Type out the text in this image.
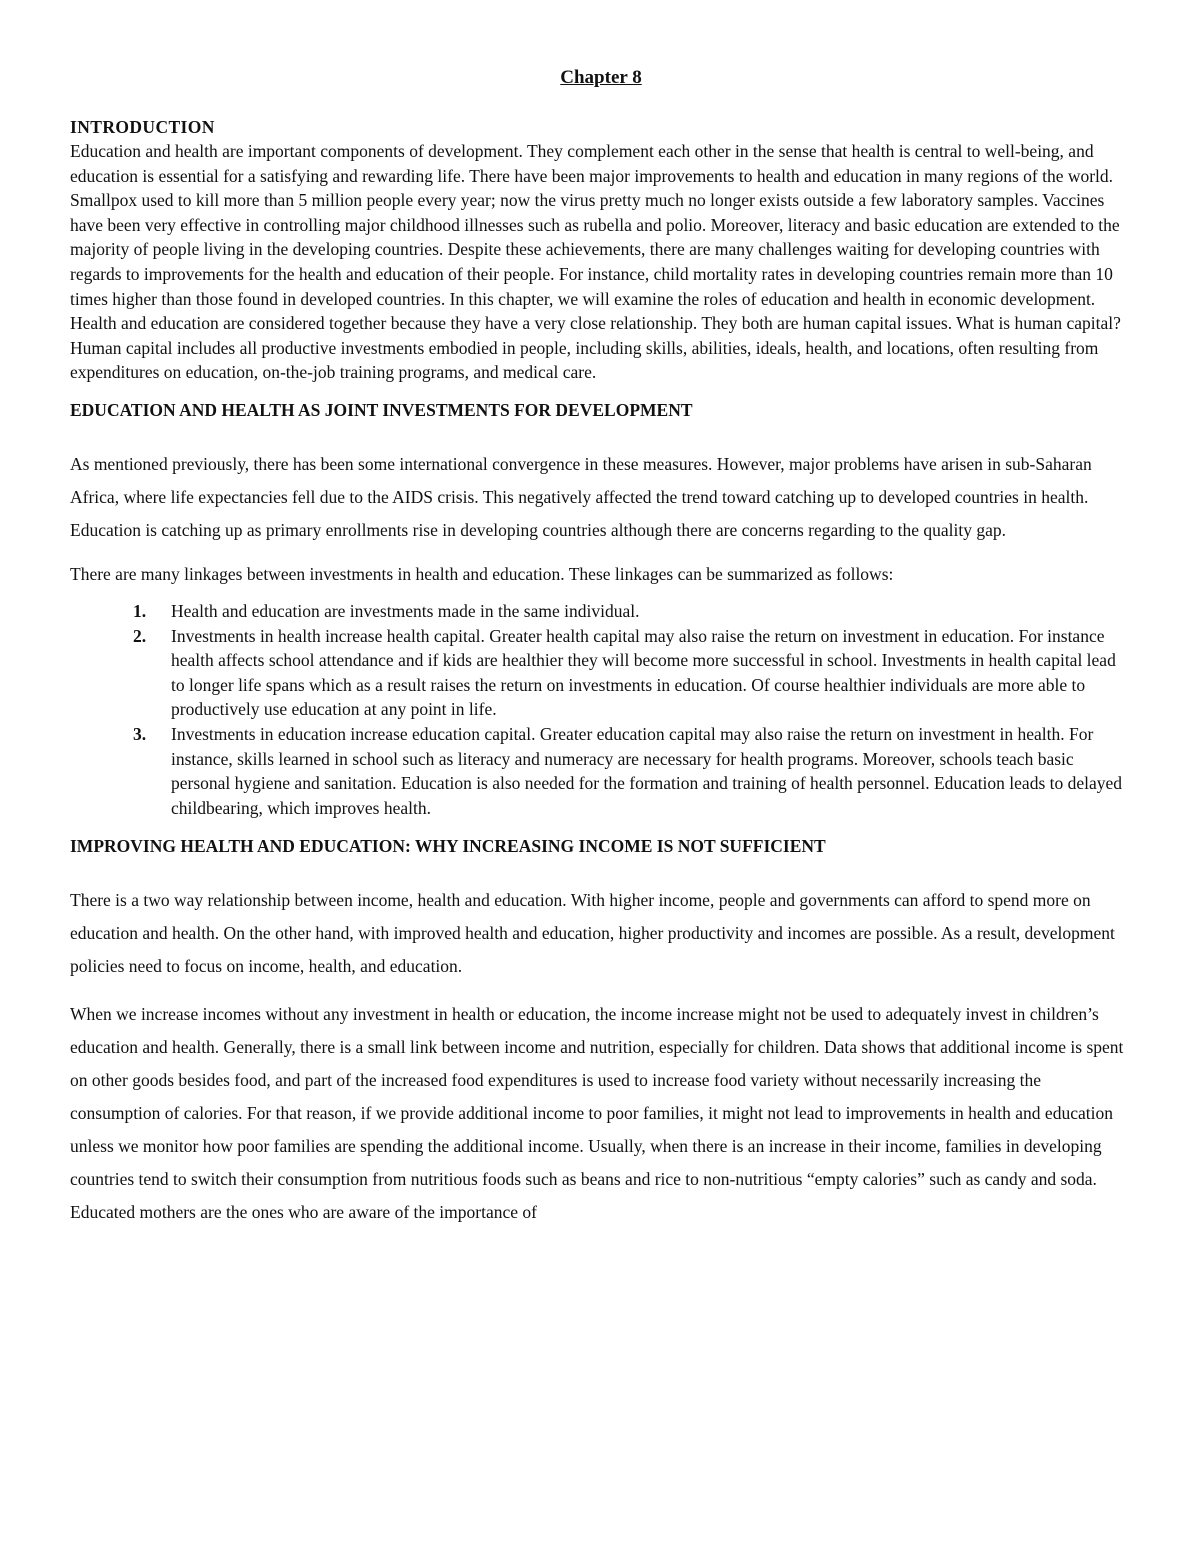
Chapter 8
INTRODUCTION

Education and health are important components of development. They complement each other in the sense that health is central to well-being, and education is essential for a satisfying and rewarding life. There have been major improvements to health and education in many regions of the world. Smallpox used to kill more than 5 million people every year; now the virus pretty much no longer exists outside a few laboratory samples. Vaccines have been very effective in controlling major childhood illnesses such as rubella and polio. Moreover, literacy and basic education are extended to the majority of people living in the developing countries. Despite these achievements, there are many challenges waiting for developing countries with regards to improvements for the health and education of their people. For instance, child mortality rates in developing countries remain more than 10 times higher than those found in developed countries. In this chapter, we will examine the roles of education and health in economic development. Health and education are considered together because they have a very close relationship. They both are human capital issues. What is human capital? Human capital includes all productive investments embodied in people, including skills, abilities, ideals, health, and locations, often resulting from expenditures on education, on-the-job training programs, and medical care.

EDUCATION AND HEALTH AS JOINT INVESTMENTS FOR DEVELOPMENT

As mentioned previously, there has been some international convergence in these measures. However, major problems have arisen in sub-Saharan Africa, where life expectancies fell due to the AIDS crisis. This negatively affected the trend toward catching up to developed countries in health. Education is catching up as primary enrollments rise in developing countries although there are concerns regarding to the quality gap.

There are many linkages between investments in health and education. These linkages can be summarized as follows:

1. Health and education are investments made in the same individual.
2. Investments in health increase health capital. Greater health capital may also raise the return on investment in education. For instance health affects school attendance and if kids are healthier they will become more successful in school. Investments in health capital lead to longer life spans which as a result raises the return on investments in education. Of course healthier individuals are more able to productively use education at any point in life.
3. Investments in education increase education capital. Greater education capital may also raise the return on investment in health. For instance, skills learned in school such as literacy and numeracy are necessary for health programs. Moreover, schools teach basic personal hygiene and sanitation. Education is also needed for the formation and training of health personnel. Education leads to delayed childbearing, which improves health.
IMPROVING HEALTH AND EDUCATION: WHY INCREASING INCOME IS NOT SUFFICIENT

There is a two way relationship between income, health and education. With higher income, people and governments can afford to spend more on education and health. On the other hand, with improved health and education, higher productivity and incomes are possible. As a result, development policies need to focus on income, health, and education.

When we increase incomes without any investment in health or education, the income increase might not be used to adequately invest in children’s education and health. Generally, there is a small link between income and nutrition, especially for children. Data shows that additional income is spent on other goods besides food, and part of the increased food expenditures is used to increase food variety without necessarily increasing the consumption of calories. For that reason, if we provide additional income to poor families, it might not lead to improvements in health and education unless we monitor how poor families are spending the additional income. Usually, when there is an increase in their income, families in developing countries tend to switch their consumption from nutritious foods such as beans and rice to non-nutritious “empty calories” such as candy and soda. Educated mothers are the ones who are aware of the importance of
